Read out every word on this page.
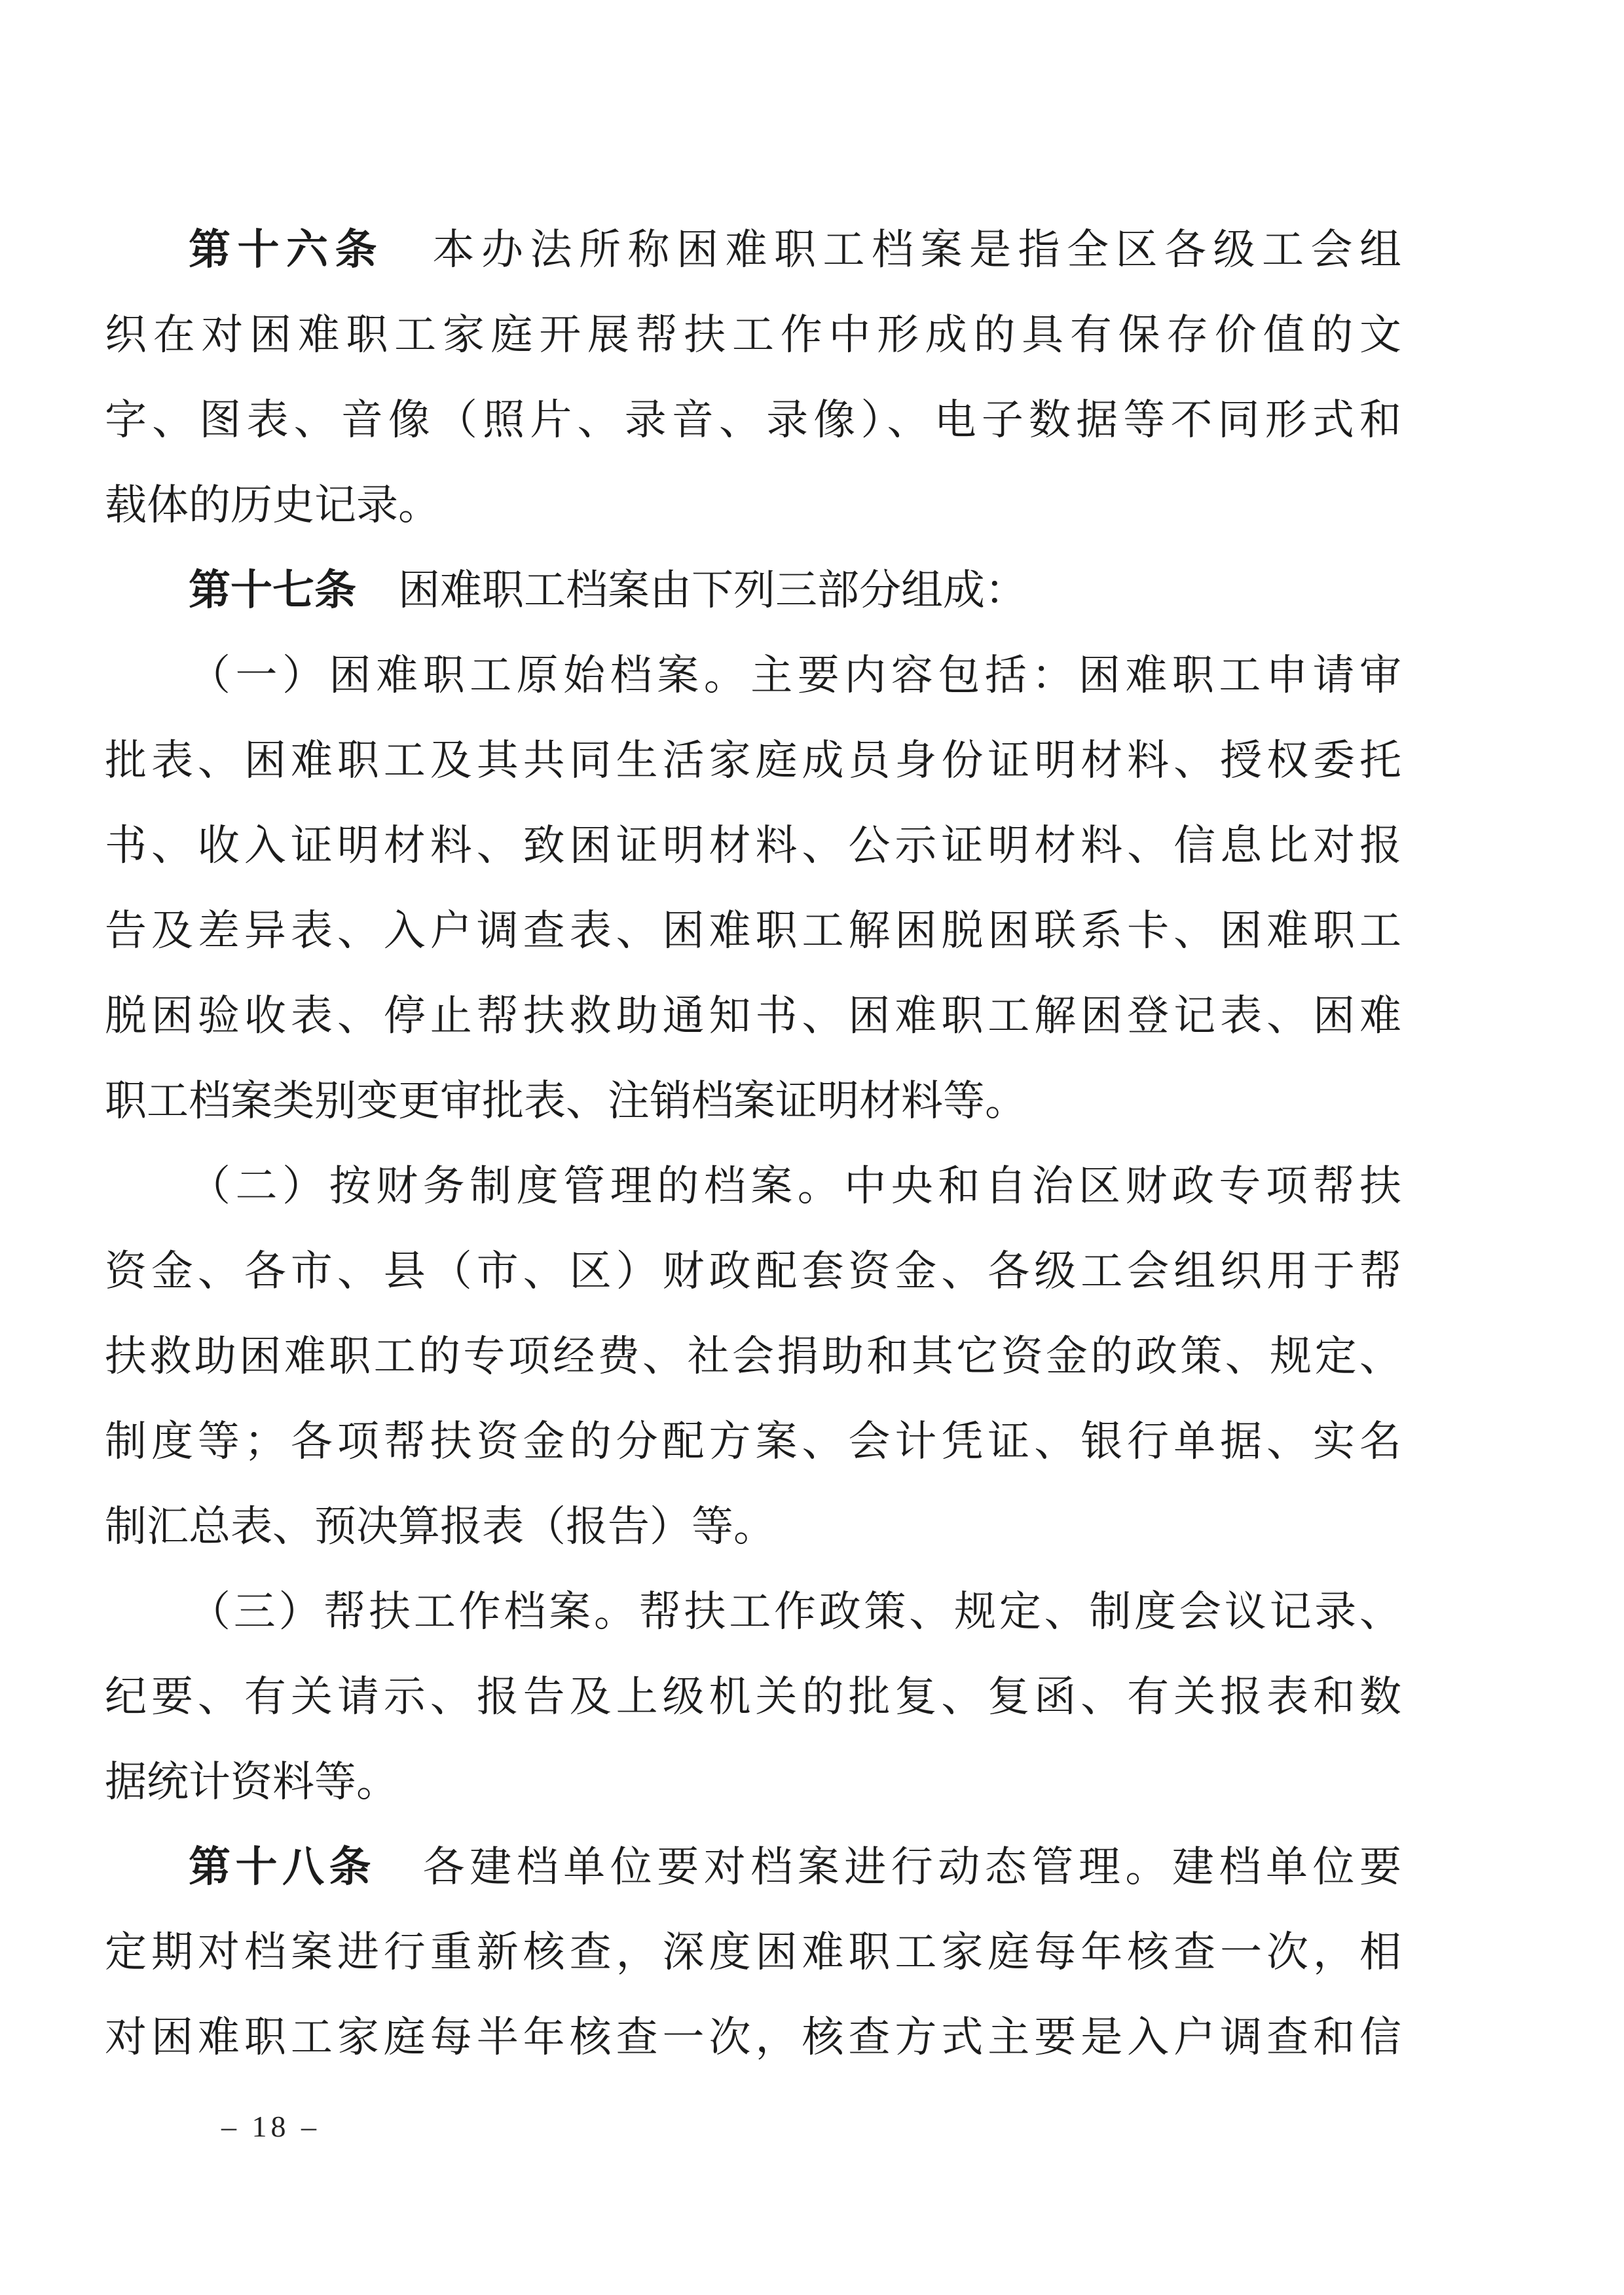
第十六条　本办法所称困难职工档案是指全区各级工会组
织在对困难职工家庭开展帮扶工作中形成的具有保存价值的文
字、图表、音像（照片、录音、录像）、电子数据等不同形式和
载体的历史记录。
第十七条　困难职工档案由下列三部分组成：
（一）困难职工原始档案。主要内容包括：困难职工申请审
批表、困难职工及其共同生活家庭成员身份证明材料、授权委托
书、收入证明材料、致困证明材料、公示证明材料、信息比对报
告及差异表、入户调查表、困难职工解困脱困联系卡、困难职工
脱困验收表、停止帮扶救助通知书、困难职工解困登记表、困难
职工档案类别变更审批表、注销档案证明材料等。
（二）按财务制度管理的档案。中央和自治区财政专项帮扶
资金、各市、县（市、区）财政配套资金、各级工会组织用于帮
扶救助困难职工的专项经费、社会捐助和其它资金的政策、规定、
制度等；各项帮扶资金的分配方案、会计凭证、银行单据、实名
制汇总表、预决算报表（报告）等。
（三）帮扶工作档案。帮扶工作政策、规定、制度会议记录、
纪要、有关请示、报告及上级机关的批复、复函、有关报表和数
据统计资料等。
第十八条　各建档单位要对档案进行动态管理。建档单位要
定期对档案进行重新核查，深度困难职工家庭每年核查一次，相
对困难职工家庭每半年核查一次，核查方式主要是入户调查和信
– 18 –
